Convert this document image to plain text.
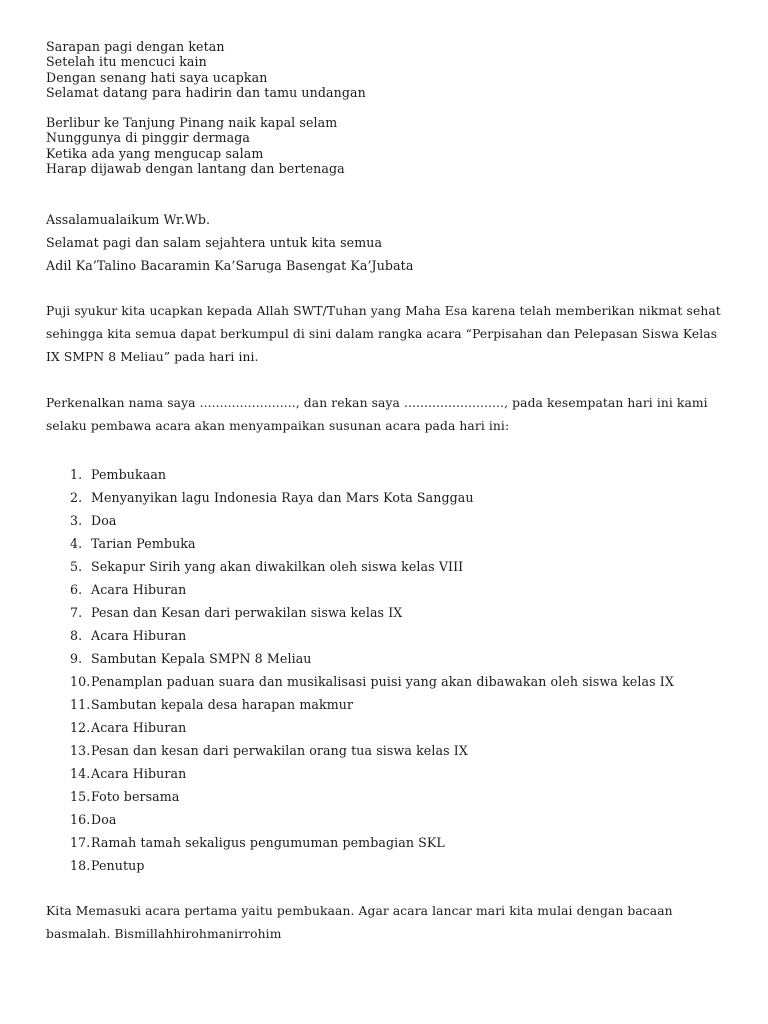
Sarapan pagi dengan ketan
Setelah itu mencuci kain
Dengan senang hati saya ucapkan
Selamat datang para hadirin dan tamu undangan
Berlibur ke Tanjung Pinang naik kapal selam
Nunggunya di pinggir dermaga
Ketika ada yang mengucap salam
Harap dijawab dengan lantang dan bertenaga
Assalamualaikum Wr.Wb.
Selamat pagi dan salam sejahtera untuk kita semua
Adil Ka’Talino Bacaramin Ka’Saruga Basengat Ka’Jubata

Puji syukur kita ucapkan kepada Allah SWT/Tuhan yang Maha Esa karena telah memberikan nikmat sehat sehingga kita semua dapat berkumpul di sini dalam rangka acara “Perpisahan dan Pelepasan Siswa Kelas IX SMPN 8 Meliau” pada hari ini.

Perkenalkan nama saya ........................, dan rekan saya ........................., pada kesempatan hari ini kami selaku pembawa acara akan menyampaikan susunan acara pada hari ini:

1. Pembukaan
2. Menyanyikan lagu Indonesia Raya dan Mars Kota Sanggau
3. Doa
4. Tarian Pembuka
5. Sekapur Sirih yang akan diwakilkan oleh siswa kelas VIII
6. Acara Hiburan
7. Pesan dan Kesan dari perwakilan siswa kelas IX
8. Acara Hiburan
9. Sambutan Kepala SMPN 8 Meliau
10. Penamplan paduan suara dan musikalisasi puisi yang akan dibawakan oleh siswa kelas IX
11. Sambutan kepala desa harapan makmur
12. Acara Hiburan
13. Pesan dan kesan dari perwakilan orang tua siswa kelas IX
14. Acara Hiburan
15. Foto bersama
16. Doa
17. Ramah tamah sekaligus pengumuman pembagian SKL
18. Penutup

Kita Memasuki acara pertama yaitu pembukaan. Agar acara lancar mari kita mulai dengan bacaan basmalah. Bismillahhirohmanirrohim
